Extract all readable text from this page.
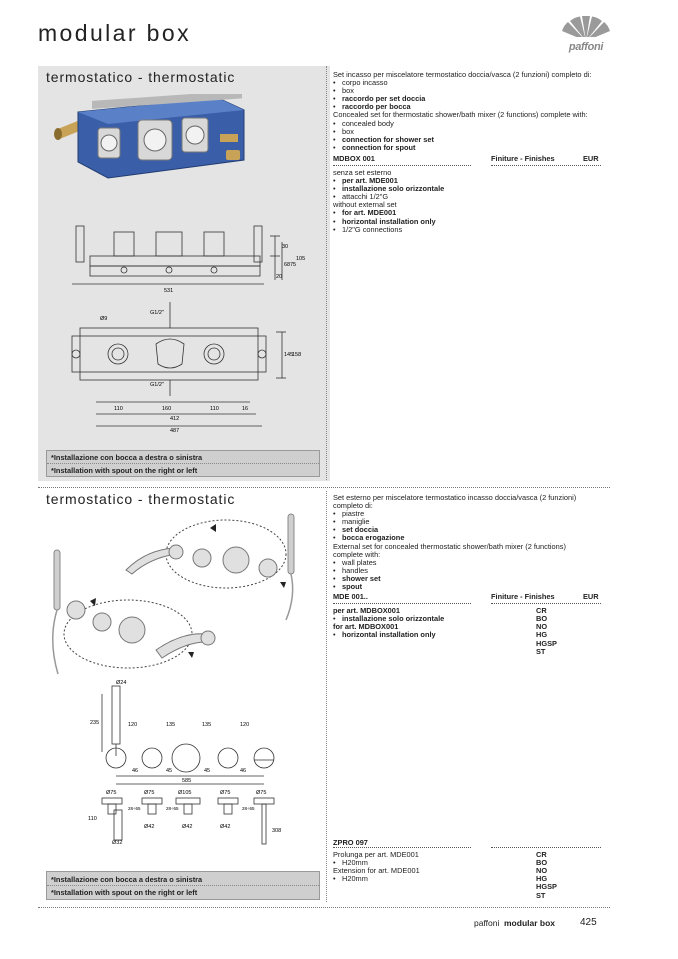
modular box
paffoni
termostatico - thermostatic
30
68 75
105
20
531
G1/2"
G1/2"
Ø9
145
158
110	160	110	16
412
487
*Installazione con bocca a destra o sinistra
*Installation with spout on the right or left
Set incasso per miscelatore termostatico doccia/vasca (2 funzioni) completo di:
• corpo incasso
• box
• raccordo per set doccia
• raccordo per bocca
Concealed set for thermostatic shower/bath mixer (2 functions) complete with:
• concealed body
• box
• connection for shower set
• connection for spout
MDBOX 001	Finiture - Finishes	EUR
senza set esterno
• per art. MDE001
• installazione solo orizzontale
• attacchi 1/2"G
without external set
• for art. MDE001
• horizontal installation only
• 1/2"G connections
termostatico - thermostatic
Ø24
120	135	135	120
235
46	45	45	46
585
Ø75	Ø75	Ø105	Ø75	Ø75
Ø42	Ø42	Ø42
Ø32
28÷65	28÷65	28÷65
110
308
*Installazione con bocca a destra o sinistra
*Installation with spout on the right or left
Set esterno per miscelatore termostatico incasso doccia/vasca (2 funzioni)
completo di:
• piastre
• maniglie
• set doccia
• bocca erogazione
External set for concealed thermostatic shower/bath mixer (2 functions)
complete with:
• wall plates
• handles
• shower set
• spout
MDE 001..	Finiture - Finishes	EUR
per art. MDBOX001
• installazione solo orizzontale
for art. MDBOX001
• horizontal installation only
CR
BO
NO
HG
HGSP
ST
ZPRO 097
Prolunga per art. MDE001
• H20mm
Extension for art. MDE001
• H20mm
CR
BO
NO
HG
HGSP
ST
paffoni modular box 425
